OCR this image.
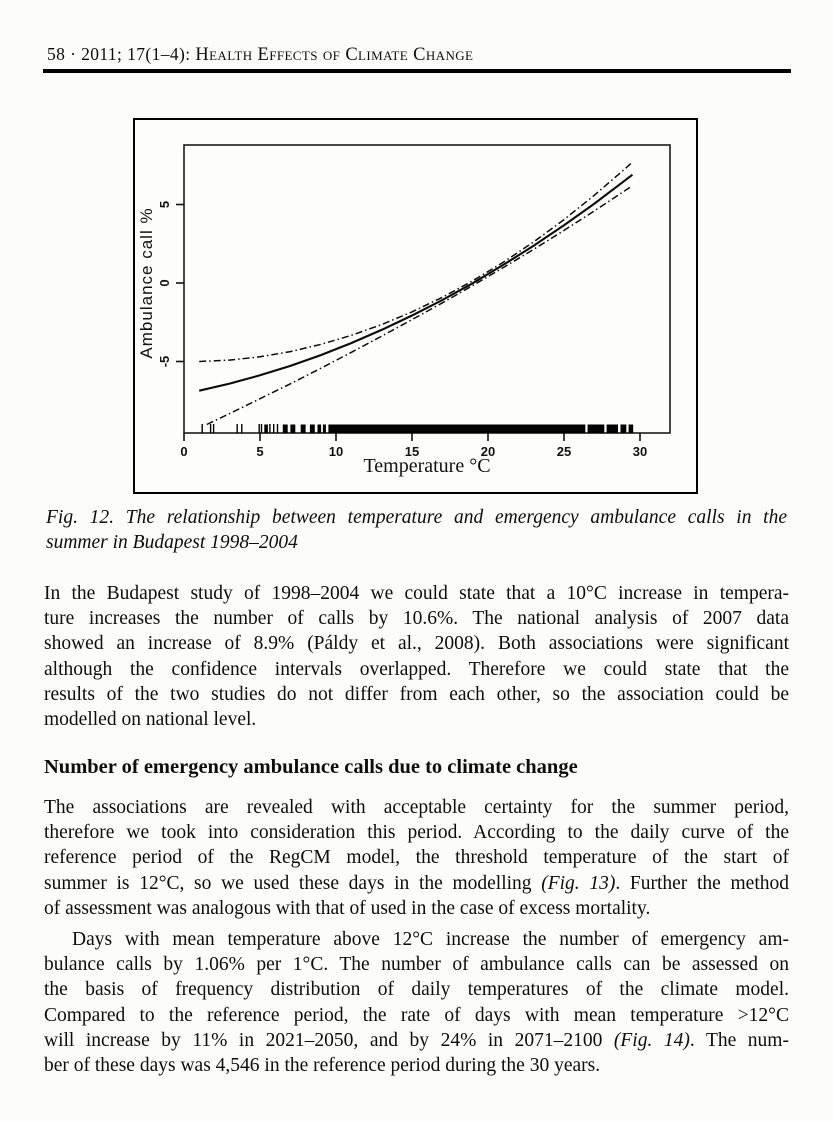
58 · 2011; 17(1–4): Health Effects of Climate Change
0	5	10	15	20	25	30
5
0
-5
Temperature °C
Ambulance call %
Fig. 12. The relationship between temperature and emergency ambulance calls in the
summer in Budapest 1998–2004
In the Budapest study of 1998–2004 we could state that a 10°C increase in tempera-
ture increases the number of calls by 10.6%. The national analysis of 2007 data
showed an increase of 8.9% (Páldy et al., 2008). Both associations were significant
although the confidence intervals overlapped. Therefore we could state that the
results of the two studies do not differ from each other, so the association could be
modelled on national level.
Number of emergency ambulance calls due to climate change
The associations are revealed with acceptable certainty for the summer period,
therefore we took into consideration this period. According to the daily curve of the
reference period of the RegCM model, the threshold temperature of the start of
summer is 12°C, so we used these days in the modelling (Fig. 13). Further the method
of assessment was analogous with that of used in the case of excess mortality.
Days with mean temperature above 12°C increase the number of emergency am-
bulance calls by 1.06% per 1°C. The number of ambulance calls can be assessed on
the basis of frequency distribution of daily temperatures of the climate model.
Compared to the reference period, the rate of days with mean temperature >12°C
will increase by 11% in 2021–2050, and by 24% in 2071–2100 (Fig. 14). The num-
ber of these days was 4,546 in the reference period during the 30 years.
